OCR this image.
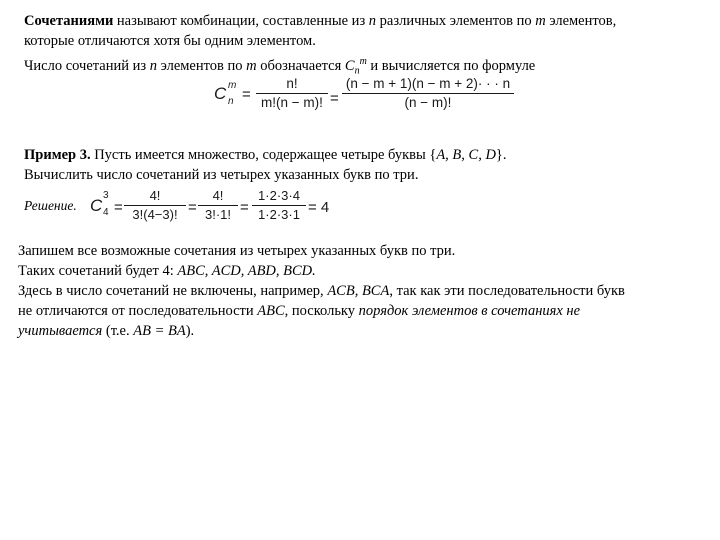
Сочетаниями называют комбинации, составленные из n различных элементов по m элементов,
которые отличаются хотя бы одним элементом.
Число сочетаний из n элементов по m обозначается $C_n^m$ и вычисляется по формуле
C m
$n = \frac{n!}{m!(n - m)!} = \frac{(n - m + 1)(n - m + 2)\cdot \cdot \cdot n}{(n - m)!}$
Пример 3. Пусть имеется множество, содержащее четыре буквы {A, B, C, D}.
Вычислить число сочетаний из четырех указанных букв по три.
Решение. C
3
$4 = \frac{4!}{3!(4-3)!} = \frac{4!}{3!\cdot 1!} = \frac{1\cdot 2\cdot 3\cdot 4}{1\cdot 2\cdot 3\cdot 1} = 4$
Запишем все возможные сочетания из четырех указанных букв по три.
Таких сочетаний будет 4: ABC, ACD, ABD, BCD.
Здесь в число сочетаний не включены, например, ACB, BCA, так как эти последовательности букв
не отличаются от последовательности ABC, поскольку порядок элементов в сочетаниях не
учитывается (т.е. AB = BA).
